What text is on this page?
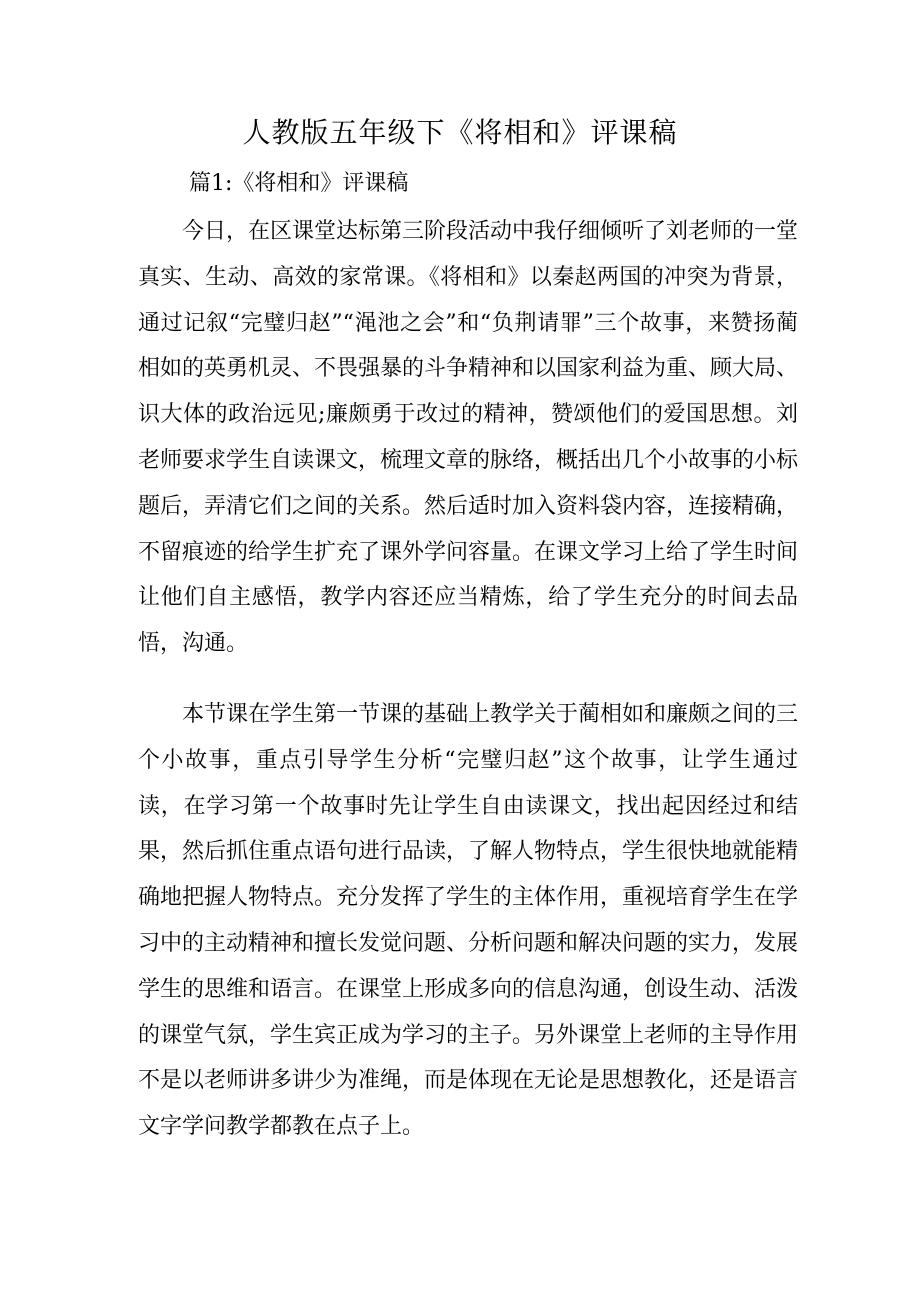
人教版五年级下《将相和》评课稿
篇1:《将相和》评课稿

今日，在区课堂达标第三阶段活动中我仔细倾听了刘老师的一堂真实、生动、高效的家常课。《将相和》以秦赵两国的冲突为背景，通过记叙“完璧归赵”“渑池之会”和“负荆请罪”三个故事，来赞扬蔺相如的英勇机灵、不畏强暴的斗争精神和以国家利益为重、顾大局、识大体的政治远见;廉颇勇于改过的精神，赞颂他们的爱国思想。刘老师要求学生自读课文，梳理文章的脉络，概括出几个小故事的小标题后，弄清它们之间的关系。然后适时加入资料袋内容，连接精确，不留痕迹的给学生扩充了课外学问容量。在课文学习上给了学生时间让他们自主感悟，教学内容还应当精炼，给了学生充分的时间去品悟，沟通。

本节课在学生第一节课的基础上教学关于蔺相如和廉颇之间的三个小故事，重点引导学生分析“完璧归赵”这个故事，让学生通过读，在学习第一个故事时先让学生自由读课文，找出起因经过和结果，然后抓住重点语句进行品读，了解人物特点，学生很快地就能精确地把握人物特点。充分发挥了学生的主体作用，重视培育学生在学习中的主动精神和擅长发觉问题、分析问题和解决问题的实力，发展学生的思维和语言。在课堂上形成多向的信息沟通，创设生动、活泼的课堂气氛，学生宾正成为学习的主子。另外课堂上老师的主导作用不是以老师讲多讲少为准绳，而是体现在无论是思想教化，还是语言文字学问教学都教在点子上。
